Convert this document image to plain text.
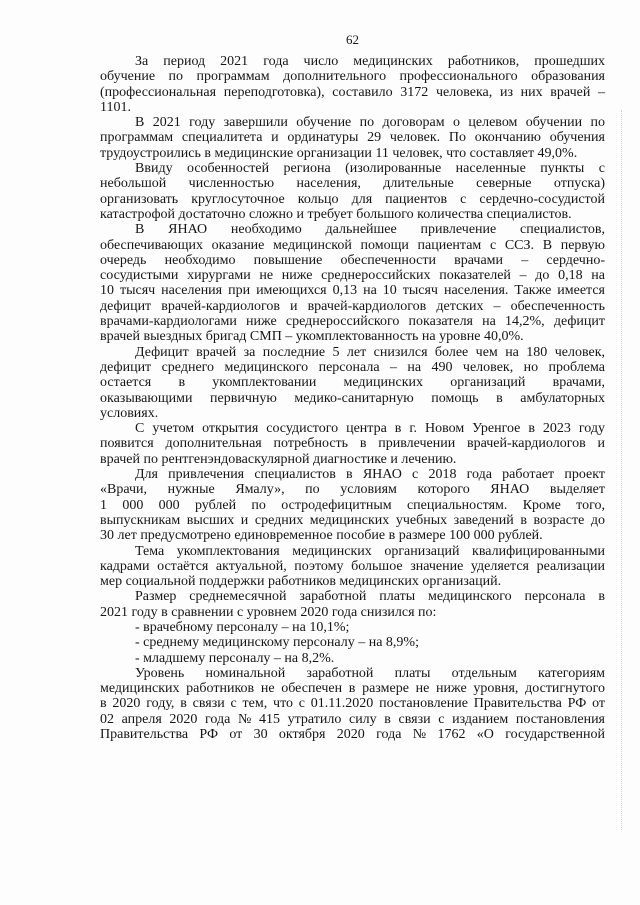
62
За период 2021 года число медицинских работников, прошедших
обучение по программам дополнительного профессионального образования
(профессиональная переподготовка), составило 3172 человека, из них врачей –
1101.
В 2021 году завершили обучение по договорам о целевом обучении по
программам специалитета и ординатуры 29 человек. По окончанию обучения
трудоустроились в медицинские организации 11 человек, что составляет 49,0%.
Ввиду особенностей региона (изолированные населенные пункты с
небольшой численностью населения, длительные северные отпуска)
организовать круглосуточное кольцо для пациентов с сердечно-сосудистой
катастрофой достаточно сложно и требует большого количества специалистов.
В ЯНАО необходимо дальнейшее привлечение специалистов,
обеспечивающих оказание медицинской помощи пациентам с ССЗ. В первую
очередь необходимо повышение обеспеченности врачами – сердечно-
сосудистыми хирургами не ниже среднероссийских показателей – до 0,18 на
10 тысяч населения при имеющихся 0,13 на 10 тысяч населения. Также имеется
дефицит врачей-кардиологов и врачей-кардиологов детских – обеспеченность
врачами-кардиологами ниже среднероссийского показателя на 14,2%, дефицит
врачей выездных бригад СМП – укомплектованность на уровне 40,0%.
Дефицит врачей за последние 5 лет снизился более чем на 180 человек,
дефицит среднего медицинского персонала – на 490 человек, но проблема
остается в укомплектовании медицинских организаций врачами,
оказывающими первичную медико-санитарную помощь в амбулаторных
условиях.
С учетом открытия сосудистого центра в г. Новом Уренгое в 2023 году
появится дополнительная потребность в привлечении врачей-кардиологов и
врачей по рентгенэндоваскулярной диагностике и лечению.
Для привлечения специалистов в ЯНАО с 2018 года работает проект
«Врачи, нужные Ямалу», по условиям которого ЯНАО выделяет
1 000 000 рублей по остродефицитным специальностям. Кроме того,
выпускникам высших и средних медицинских учебных заведений в возрасте до
30 лет предусмотрено единовременное пособие в размере 100 000 рублей.
Тема укомплектования медицинских организаций квалифицированными
кадрами остаётся актуальной, поэтому большое значение уделяется реализации
мер социальной поддержки работников медицинских организаций.
Размер среднемесячной заработной платы медицинского персонала в
2021 году в сравнении с уровнем 2020 года снизился по:
- врачебному персоналу – на 10,1%;
- среднему медицинскому персоналу – на 8,9%;
- младшему персоналу – на 8,2%.
Уровень номинальной заработной платы отдельным категориям
медицинских работников не обеспечен в размере не ниже уровня, достигнутого
в 2020 году, в связи с тем, что с 01.11.2020 постановление Правительства РФ от
02 апреля 2020 года № 415 утратило силу в связи с изданием постановления
Правительства РФ от 30 октября 2020 года № 1762 «О государственной
